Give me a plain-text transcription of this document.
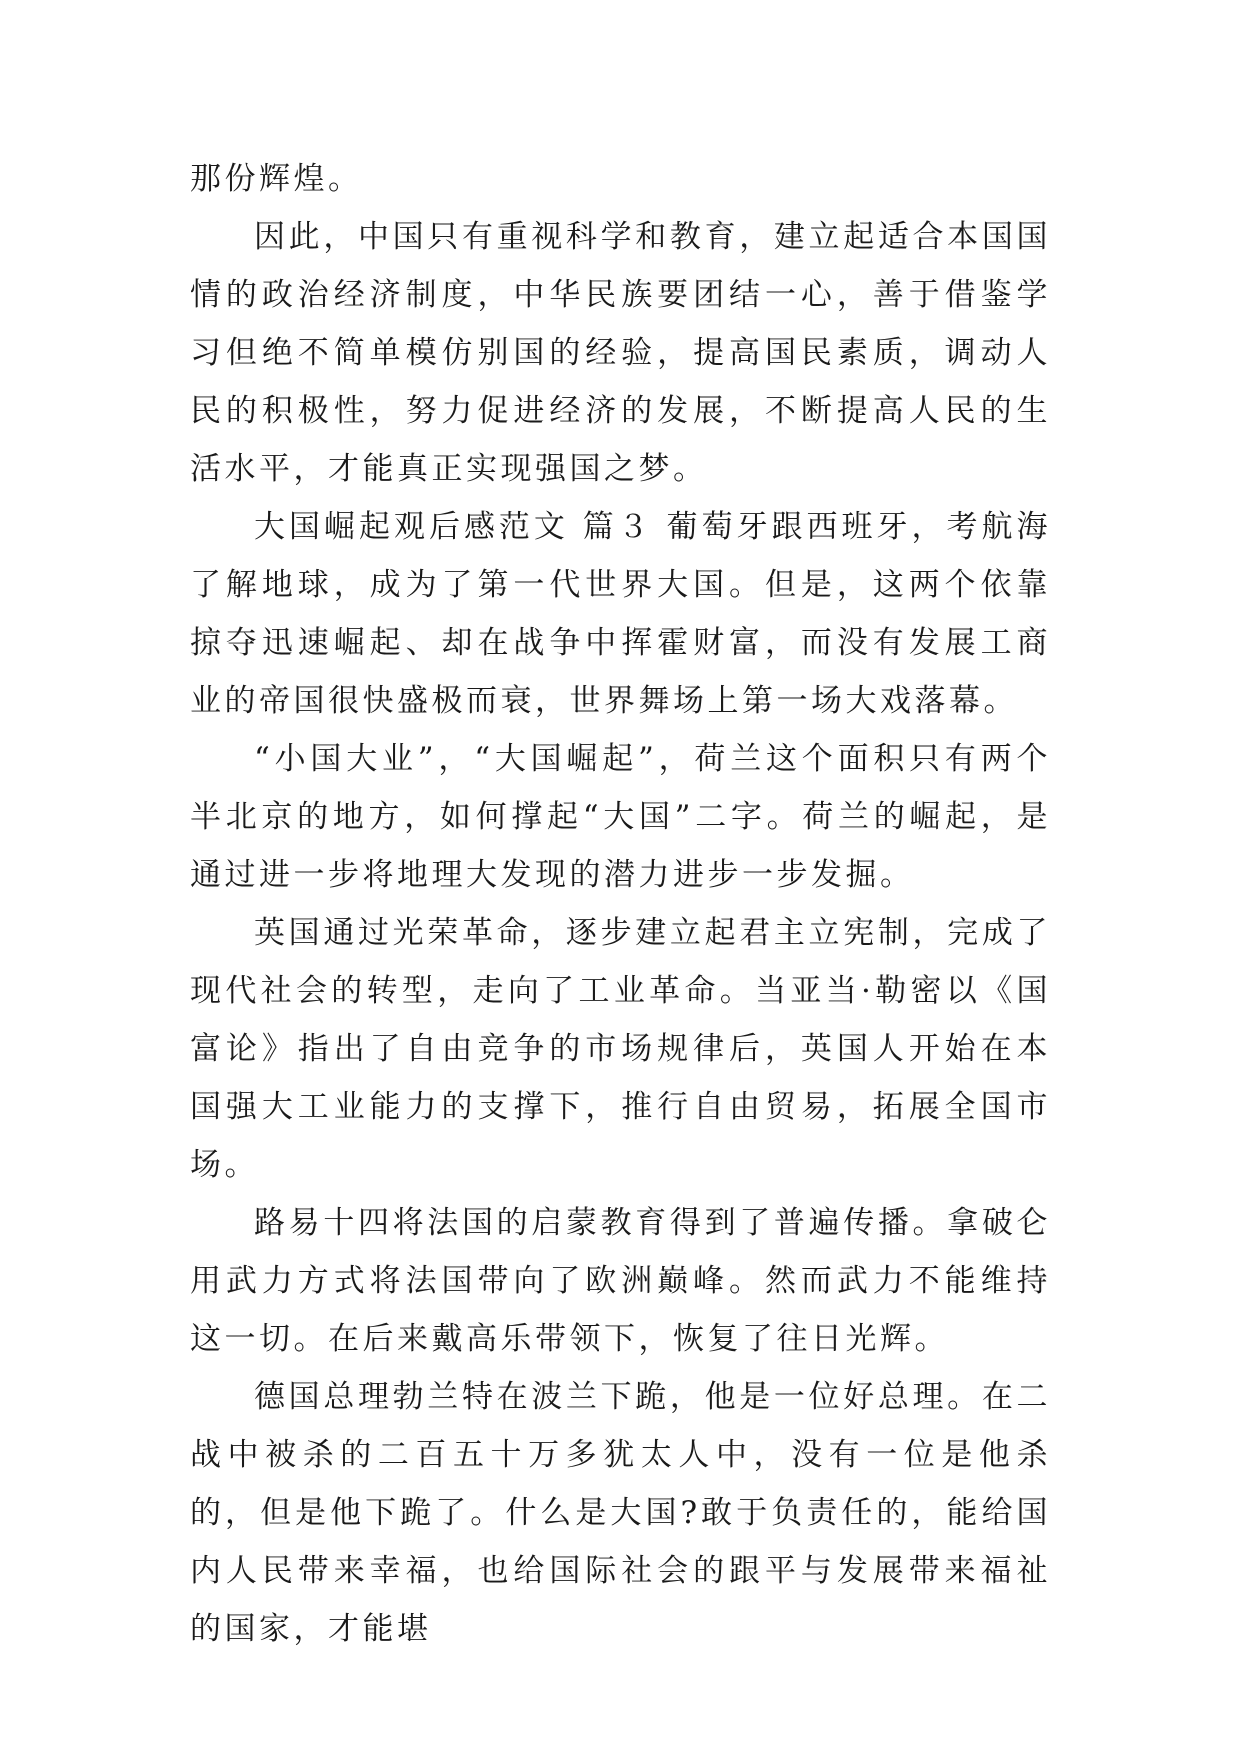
那份辉煌。

因此，中国只有重视科学和教育，建立起适合本国国情的政治经济制度，中华民族要团结一心，善于借鉴学习但绝不简单模仿别国的经验，提高国民素质，调动人民的积极性，努力促进经济的发展，不断提高人民的生活水平，才能真正实现强国之梦。

大国崛起观后感范文 篇３ 葡萄牙跟西班牙，考航海了解地球，成为了第一代世界大国。但是，这两个依靠掠夺迅速崛起、却在战争中挥霍财富，而没有发展工商业的帝国很快盛极而衰，世界舞场上第一场大戏落幕。

“小国大业”，“大国崛起”，荷兰这个面积只有两个半北京的地方，如何撑起“大国”二字。荷兰的崛起，是通过进一步将地理大发现的潜力进步一步发掘。

英国通过光荣革命，逐步建立起君主立宪制，完成了现代社会的转型，走向了工业革命。当亚当·勒密以《国富论》指出了自由竞争的市场规律后，英国人开始在本国强大工业能力的支撑下，推行自由贸易，拓展全国市场。

路易十四将法国的启蒙教育得到了普遍传播。拿破仑用武力方式将法国带向了欧洲巅峰。然而武力不能维持这一切。在后来戴高乐带领下，恢复了往日光辉。

德国总理勃兰特在波兰下跪，他是一位好总理。在二战中被杀的二百五十万多犹太人中，没有一位是他杀的，但是他下跪了。什么是大国?敢于负责任的，能给国内人民带来幸福，也给国际社会的跟平与发展带来福祉的国家，才能堪
